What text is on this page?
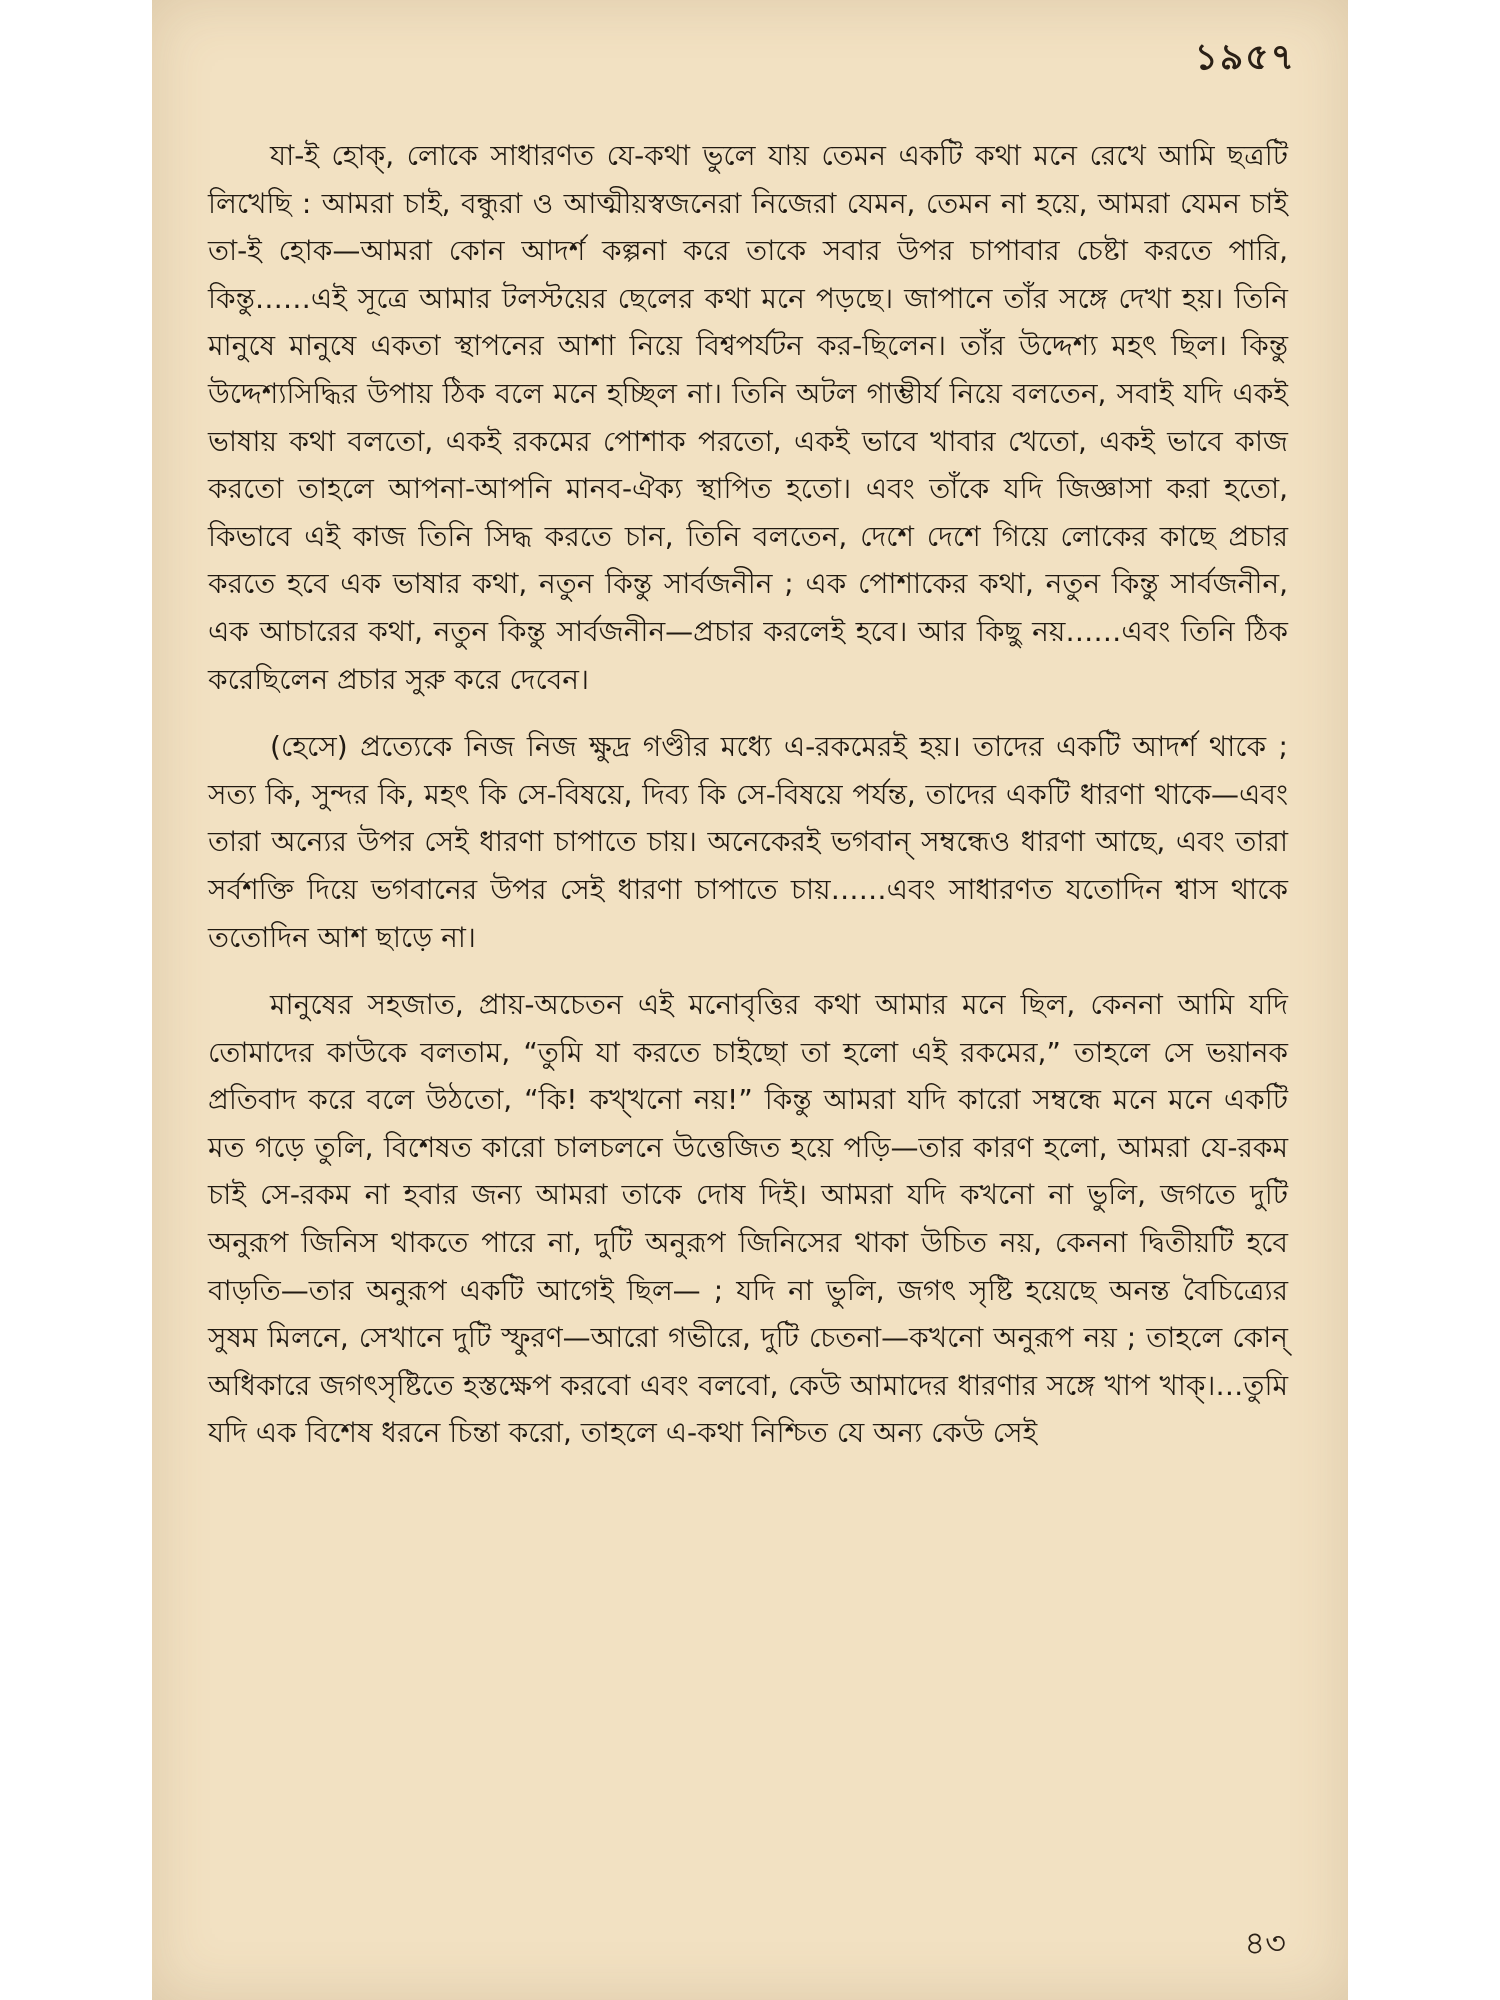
১৯৫৭

যা-ই হোক্, লোকে সাধারণত যে-কথা ভুলে যায় তেমন একটি কথা মনে রেখে আমি ছত্রটি লিখেছি : আমরা চাই, বন্ধুরা ও আত্মীয়স্বজনেরা নিজেরা যেমন, তেমন না হয়ে, আমরা যেমন চাই তা-ই হোক—আমরা কোন আদর্শ কল্পনা করে তাকে সবার উপর চাপাবার চেষ্টা করতে পারি, কিন্তু……এই সূত্রে আমার টলস্টয়ের ছেলের কথা মনে পড়ছে। জাপানে তাঁর সঙ্গে দেখা হয়। তিনি মানুষে মানুষে একতা স্থাপনের আশা নিয়ে বিশ্বপর্যটন কর-ছিলেন। তাঁর উদ্দেশ্য মহৎ ছিল। কিন্তু উদ্দেশ্যসিদ্ধির উপায় ঠিক বলে মনে হচ্ছিল না। তিনি অটল গাম্ভীর্য নিয়ে বলতেন, সবাই যদি একই ভাষায় কথা বলতো, একই রকমের পোশাক পরতো, একই ভাবে খাবার খেতো, একই ভাবে কাজ করতো তাহলে আপনা-আপনি মানব-ঐক্য স্থাপিত হতো। এবং তাঁকে যদি জিজ্ঞাসা করা হতো, কিভাবে এই কাজ তিনি সিদ্ধ করতে চান, তিনি বলতেন, দেশে দেশে গিয়ে লোকের কাছে প্রচার করতে হবে এক ভাষার কথা, নতুন কিন্তু সার্বজনীন ; এক পোশাকের কথা, নতুন কিন্তু সার্বজনীন, এক আচারের কথা, নতুন কিন্তু সার্বজনীন—প্রচার করলেই হবে। আর কিছু নয়……এবং তিনি ঠিক করেছিলেন প্রচার সুরু করে দেবেন।

(হেসে) প্রত্যেকে নিজ নিজ ক্ষুদ্র গণ্ডীর মধ্যে এ-রকমেরই হয়। তাদের একটি আদর্শ থাকে ; সত্য কি, সুন্দর কি, মহৎ কি সে-বিষয়ে, দিব্য কি সে-বিষয়ে পর্যন্ত, তাদের একটি ধারণা থাকে—এবং তারা অন্যের উপর সেই ধারণা চাপাতে চায়। অনেকেরই ভগবান্ সম্বন্ধেও ধারণা আছে, এবং তারা সর্বশক্তি দিয়ে ভগবানের উপর সেই ধারণা চাপাতে চায়……এবং সাধারণত যতোদিন শ্বাস থাকে ততোদিন আশ ছাড়ে না।

মানুষের সহজাত, প্রায়-অচেতন এই মনোবৃত্তির কথা আমার মনে ছিল, কেননা আমি যদি তোমাদের কাউকে বলতাম, “তুমি যা করতে চাইছো তা হলো এই রকমের,” তাহলে সে ভয়ানক প্রতিবাদ করে বলে উঠতো, “কি! কখ্খনো নয়!” কিন্তু আমরা যদি কারো সম্বন্ধে মনে মনে একটি মত গড়ে তুলি, বিশেষত কারো চালচলনে উত্তেজিত হয়ে পড়ি—তার কারণ হলো, আমরা যে-রকম চাই সে-রকম না হবার জন্য আমরা তাকে দোষ দিই। আমরা যদি কখনো না ভুলি, জগতে দুটি অনুরূপ জিনিস থাকতে পারে না, দুটি অনুরূপ জিনিসের থাকা উচিত নয়, কেননা দ্বিতীয়টি হবে বাড়তি—তার অনুরূপ একটি আগেই ছিল— ; যদি না ভুলি, জগৎ সৃষ্টি হয়েছে অনন্ত বৈচিত্র্যের সুষম মিলনে, সেখানে দুটি স্ফুরণ—আরো গভীরে, দুটি চেতনা—কখনো অনুরূপ নয় ; তাহলে কোন্ অধিকারে জগৎসৃষ্টিতে হস্তক্ষেপ করবো এবং বলবো, কেউ আমাদের ধারণার সঙ্গে খাপ খাক্।…তুমি যদি এক বিশেষ ধরনে চিন্তা করো, তাহলে এ-কথা নিশ্চিত যে অন্য কেউ সেই

৪৩
